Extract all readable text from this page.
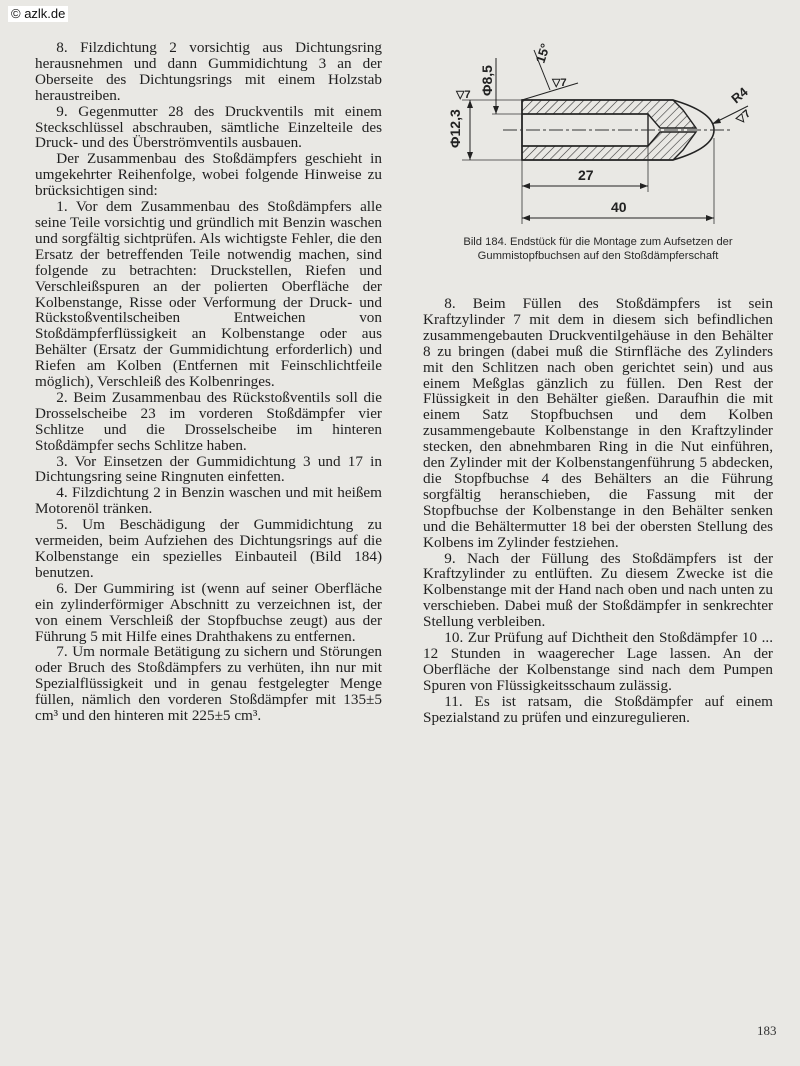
© azlk.de

8. Filzdichtung 2 vorsichtig aus Dichtungsring herausnehmen und dann Gummidichtung 3 an der Oberseite des Dichtungsrings mit einem Holzstab heraustreiben.

9. Gegenmutter 28 des Druckventils mit einem Steckschlüssel abschrauben, sämtliche Einzelteile des Druck- und des Überströmventils ausbauen.

Der Zusammenbau des Stoßdämpfers geschieht in umgekehrter Reihenfolge, wobei folgende Hinweise zu brücksichtigen sind:

1. Vor dem Zusammenbau des Stoßdämpfers alle seine Teile vorsichtig und gründlich mit Benzin waschen und sorgfältig sichtprüfen. Als wichtigste Fehler, die den Ersatz der betreffenden Teile notwendig machen, sind folgende zu betrachten: Druckstellen, Riefen und Verschleißspuren an der polierten Oberfläche der Kolbenstange, Risse oder Verformung der Druck- und Rückstoßventilscheiben Entweichen von Stoßdämpferflüssigkeit an Kolbenstange oder aus Behälter (Ersatz der Gummidichtung erforderlich) und Riefen am Kolben (Entfernen mit Feinschlichtfeile möglich), Verschleiß des Kolbenringes.

2. Beim Zusammenbau des Rückstoßventils soll die Drosselscheibe 23 im vorderen Stoßdämpfer vier Schlitze und die Drosselscheibe im hinteren Stoßdämpfer sechs Schlitze haben.

3. Vor Einsetzen der Gummidichtung 3 und 17 in Dichtungsring seine Ringnuten einfetten.

4. Filzdichtung 2 in Benzin waschen und mit heißem Motorenöl tränken.

5. Um Beschädigung der Gummidichtung zu vermeiden, beim Aufziehen des Dichtungsrings auf die Kolbenstange ein spezielles Einbauteil (Bild 184) benutzen.

6. Der Gummiring ist (wenn auf seiner Oberfläche ein zylinderförmiger Abschnitt zu verzeichnen ist, der von einem Verschleiß der Stopfbuchse zeugt) aus der Führung 5 mit Hilfe eines Drahthakens zu entfernen.

7. Um normale Betätigung zu sichern und Störungen oder Bruch des Stoßdämpfers zu verhüten, ihn nur mit Spezialflüssigkeit und in genau festgelegter Menge füllen, nämlich den vorderen Stoßdämpfer mit 135±5 cm³ und den hinteren mit 225±5 cm³.

Φ12,3
Φ8,5
▽7
15°
▽7
R4
▽7
27
40
Bild 184. Endstück für die Montage zum Aufsetzen der Gummistopfbuchsen auf den Stoßdämpferschaft

8. Beim Füllen des Stoßdämpfers ist sein Kraftzylinder 7 mit dem in diesem sich befindlichen zusammengebauten Druckventilgehäuse in den Behälter 8 zu bringen (dabei muß die Stirnfläche des Zylinders mit den Schlitzen nach oben gerichtet sein) und aus einem Meßglas gänzlich zu füllen. Den Rest der Flüssigkeit in den Behälter gießen. Daraufhin die mit einem Satz Stopfbuchsen und dem Kolben zusammengebaute Kolbenstange in den Kraftzylinder stecken, den abnehmbaren Ring in die Nut einführen, den Zylinder mit der Kolbenstangenführung 5 abdecken, die Stopfbuchse 4 des Behälters an die Führung sorgfältig heranschieben, die Fassung mit der Stopfbuchse der Kolbenstange in den Behälter senken und die Behältermutter 18 bei der obersten Stellung des Kolbens im Zylinder festziehen.

9. Nach der Füllung des Stoßdämpfers ist der Kraftzylinder zu entlüften. Zu diesem Zwecke ist die Kolbenstange mit der Hand nach oben und nach unten zu verschieben. Dabei muß der Stoßdämpfer in senkrechter Stellung verbleiben.

10. Zur Prüfung auf Dichtheit den Stoßdämpfer 10 ... 12 Stunden in waagerecher Lage lassen. An der Oberfläche der Kolbenstange sind nach dem Pumpen Spuren von Flüssigkeitsschaum zulässig.

11. Es ist ratsam, die Stoßdämpfer auf einem Spezialstand zu prüfen und einzuregulieren.

183
